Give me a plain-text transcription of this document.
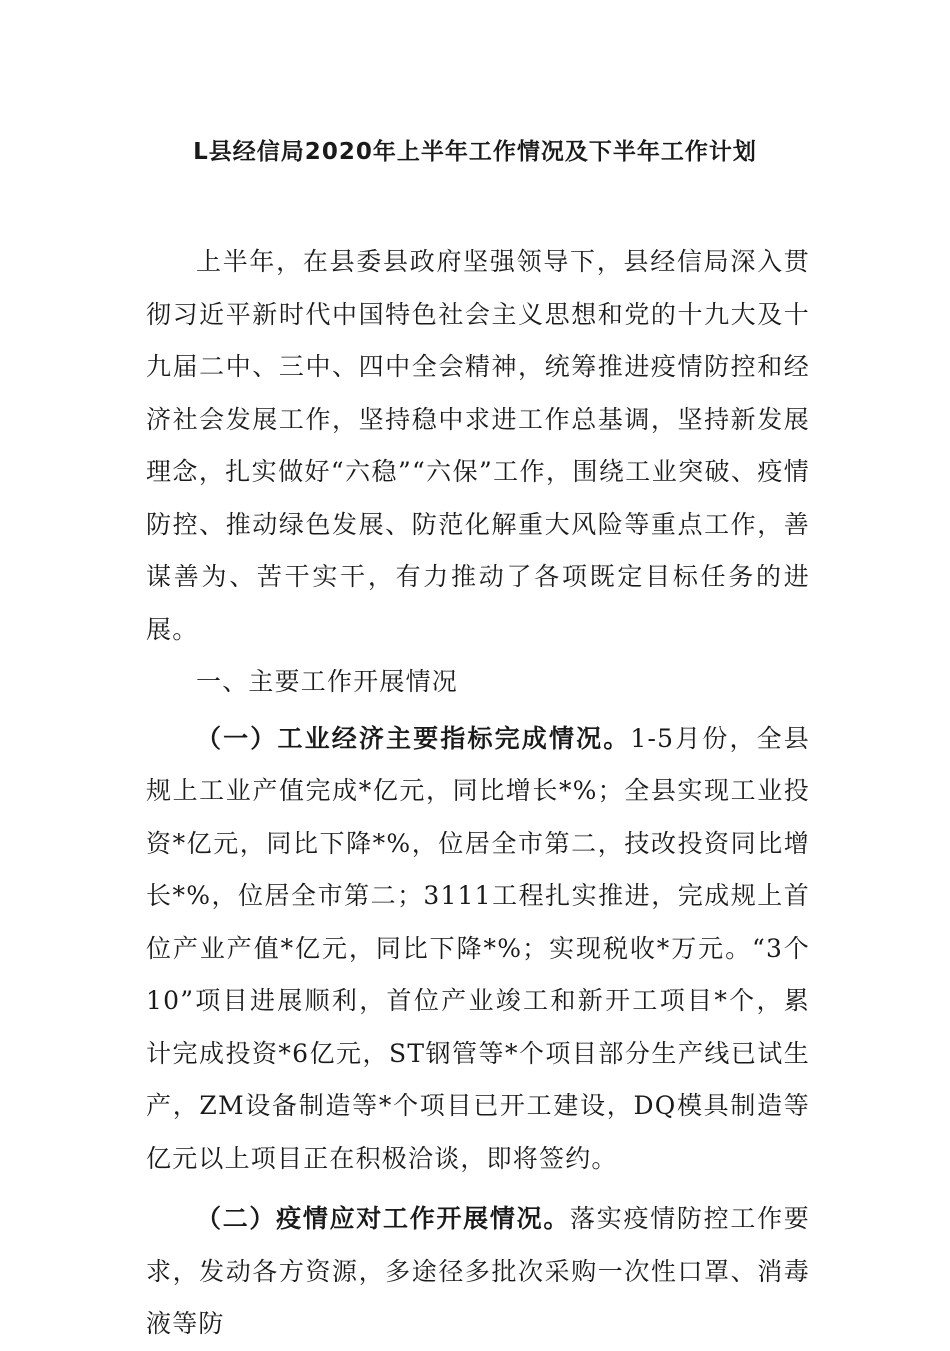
L县经信局2020年上半年工作情况及下半年工作计划

上半年，在县委县政府坚强领导下，县经信局深入贯彻习近平新时代中国特色社会主义思想和党的十九大及十九届二中、三中、四中全会精神，统筹推进疫情防控和经济社会发展工作，坚持稳中求进工作总基调，坚持新发展理念，扎实做好“六稳”“六保”工作，围绕工业突破、疫情防控、推动绿色发展、防范化解重大风险等重点工作，善谋善为、苦干实干，有力推动了各项既定目标任务的进展。

一、主要工作开展情况

（一）工业经济主要指标完成情况。1-5月份，全县规上工业产值完成*亿元，同比增长*%；全县实现工业投资*亿元，同比下降*%，位居全市第二，技改投资同比增长*%，位居全市第二；3111工程扎实推进，完成规上首位产业产值*亿元，同比下降*%；实现税收*万元。“3个10”项目进展顺利，首位产业竣工和新开工项目*个，累计完成投资*6亿元，ST钢管等*个项目部分生产线已试生产，ZM设备制造等*个项目已开工建设，DQ模具制造等亿元以上项目正在积极洽谈，即将签约。

（二）疫情应对工作开展情况。落实疫情防控工作要求，发动各方资源，多途径多批次采购一次性口罩、消毒液等防
